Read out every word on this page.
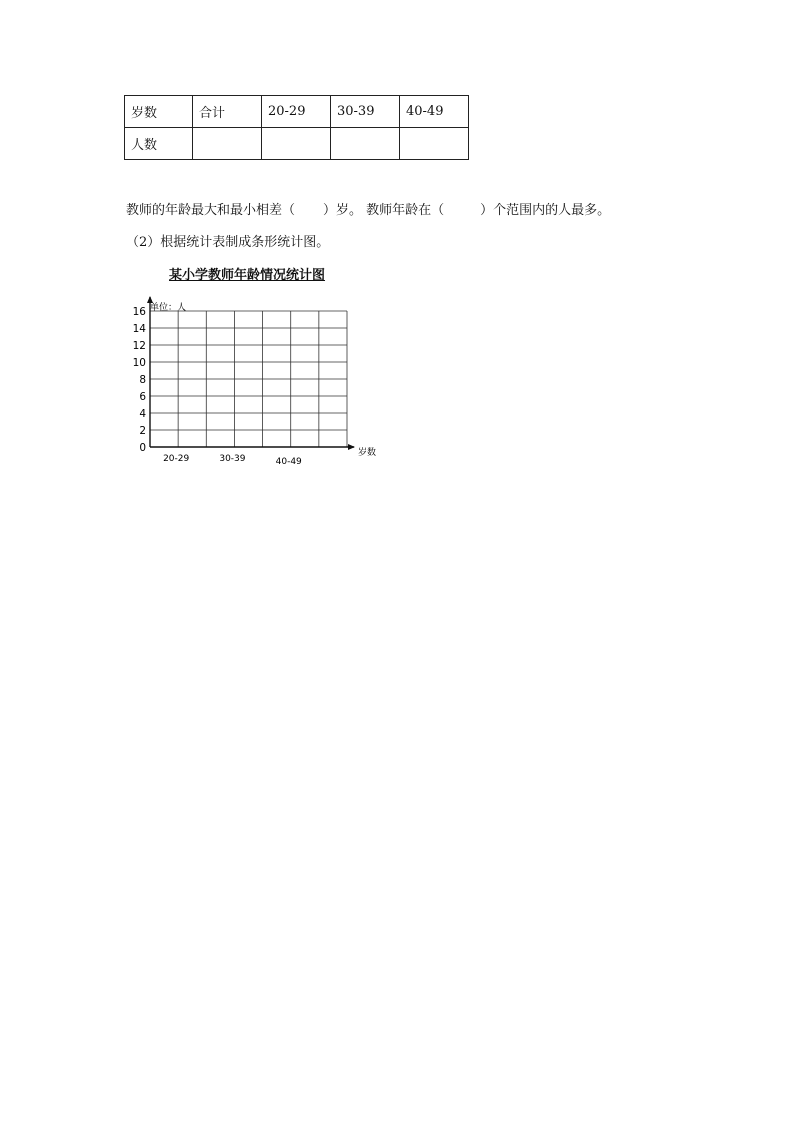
岁数	合计	20-29	30-39	40-49
人数				
教师的年龄最大和最小相差（ ）岁。 教师年龄在（	）个范围内的人最多。
（2）根据统计表制成条形统计图。
某小学教师年龄情况统计图
0
2
4
6
8
10
12
14
16
20-29	30-39	40-49
单位：人
岁数
